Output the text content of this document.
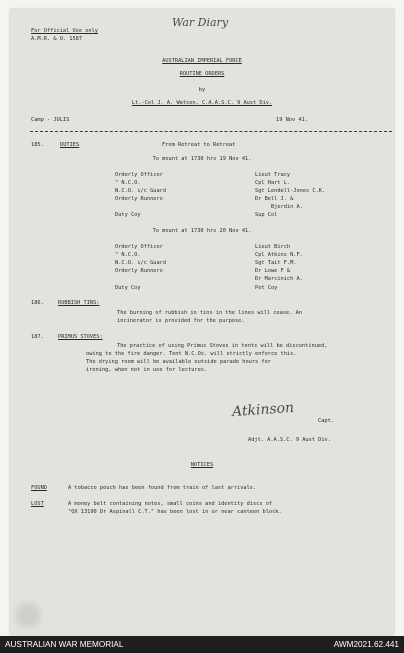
For Official Use only
A.M.R. & O. 1587
War Diary
AUSTRALIAN IMPERIAL FORCE
ROUTINE ORDERS
by
Lt.-Col J. A. Watson, C.A.A.S.C. 9 Aust Div.
Camp - JULIS	19 Nov 41.
185.	DUTIES	From Retreat to Retreat
To mount at 1730 hrs 19 Nov 41.
Orderly Officer	Lieut Tracy
" N.C.O.	Cpl Hart L.
N.C.O. i/c Guard	Sgt Lendell-Jones C.K.
Orderly Runners	Dr Bell J. &
Bjerdin A.
Duty Coy	Sup Col
To mount at 1730 hrs 20 Nov 41.
Orderly Officer	Lieut Birch
" N.C.O.	Cpl Atkins N.F.
N.C.O. i/c Guard	Sgt Tait F.M.
Orderly Runners	Dr Lowe F &
Dr Marcinich A.
Duty Coy	Pet Coy
186.	RUBBISH TINS:
The burning of rubbish in tins in the lines will cease. An
incinerator is provided for the purpose.
187.	PRIMUS STOVES:
The practice of using Primus Stoves in tents will be discontinued,
owing to the fire danger. Tent N.C.Os. will strictly enforce this.
The drying room will be available outside parade hours for
ironing, when not in use for lectures.
Atkinson
Capt.
Adjt. A.A.S.C. 9 Aust Div.
NOTICES
FOUND	A tobacco pouch has been found from train of last arrivals.
LOST	A money belt containing notes, small coins and identity discs of
"QX 13190 Dr Aspinall C.T." has been lost in or near canteen block.
AUSTRALIAN WAR MEMORIAL	AWM2021.62.441
